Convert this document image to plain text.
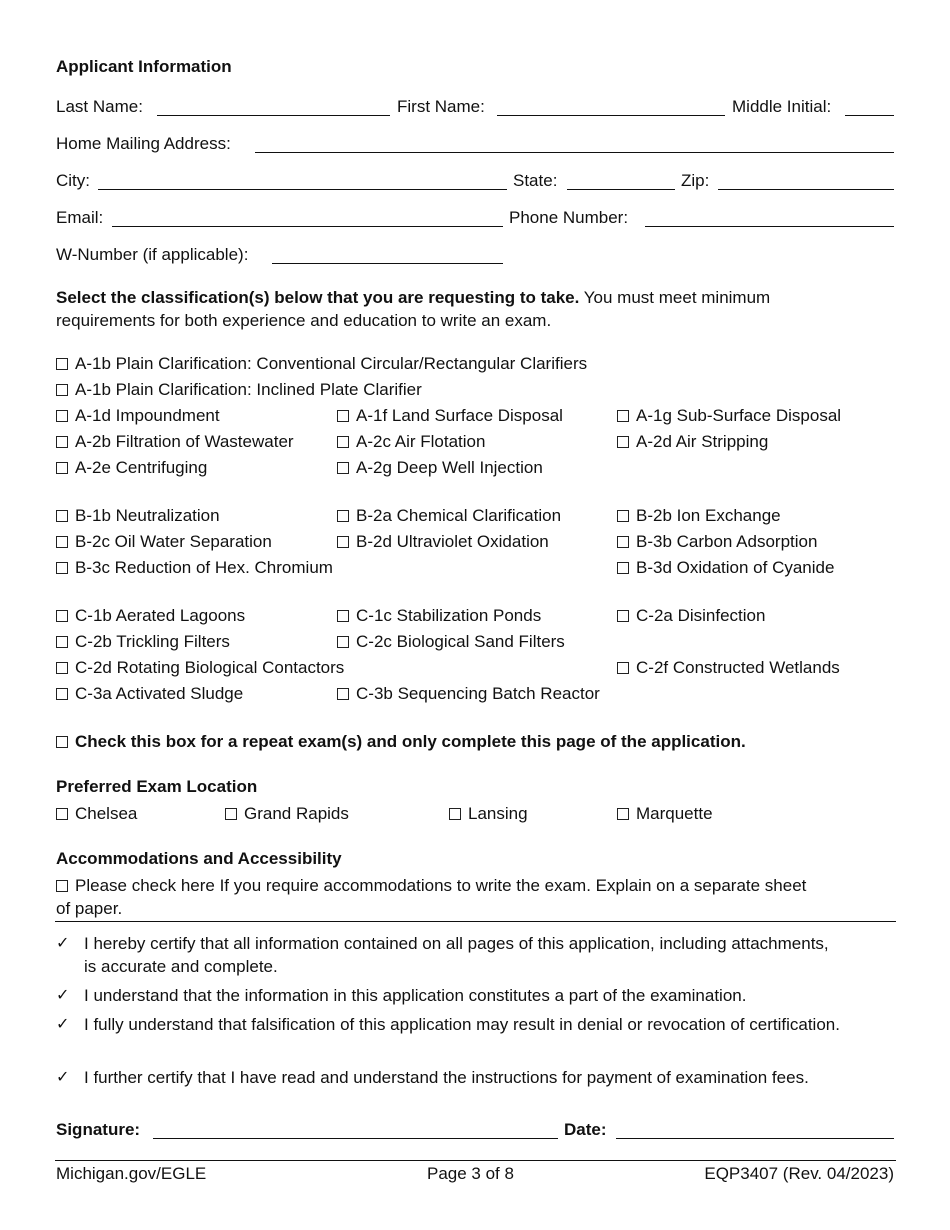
Applicant Information
Last Name:	First Name:	Middle Initial:
Home Mailing Address:
City:	State:	Zip:
Email:	Phone Number:
W-Number (if applicable):
Select the classification(s) below that you are requesting to take. You must meet minimum
requirements for both experience and education to write an exam.
A-1b Plain Clarification: Conventional Circular/Rectangular Clarifiers
A-1b Plain Clarification: Inclined Plate Clarifier
A-1d Impoundment	A-1f Land Surface Disposal	A-1g Sub-Surface Disposal
A-2b Filtration of Wastewater	A-2c Air Flotation	A-2d Air Stripping
A-2e Centrifuging	A-2g Deep Well Injection
B-1b Neutralization	B-2a Chemical Clarification	B-2b Ion Exchange
B-2c Oil Water Separation	B-2d Ultraviolet Oxidation	B-3b Carbon Adsorption
B-3c Reduction of Hex. Chromium	B-3d Oxidation of Cyanide
C-1b Aerated Lagoons	C-1c Stabilization Ponds	C-2a Disinfection
C-2b Trickling Filters	C-2c Biological Sand Filters
C-2d Rotating Biological Contactors	C-2f Constructed Wetlands
C-3a Activated Sludge	C-3b Sequencing Batch Reactor
Check this box for a repeat exam(s) and only complete this page of the application.
Preferred Exam Location
Chelsea	Grand Rapids	Lansing	Marquette
Accommodations and Accessibility
Please check here If you require accommodations to write the exam. Explain on a separate sheet
of paper.
✓ I hereby certify that all information contained on all pages of this application, including attachments, is accurate and complete.
✓ I understand that the information in this application constitutes a part of the examination.
✓ I fully understand that falsification of this application may result in denial or revocation of certification.
✓ I further certify that I have read and understand the instructions for payment of examination fees.
Signature:	Date:
Michigan.gov/EGLE	Page 3 of 8	EQP3407 (Rev. 04/2023)
